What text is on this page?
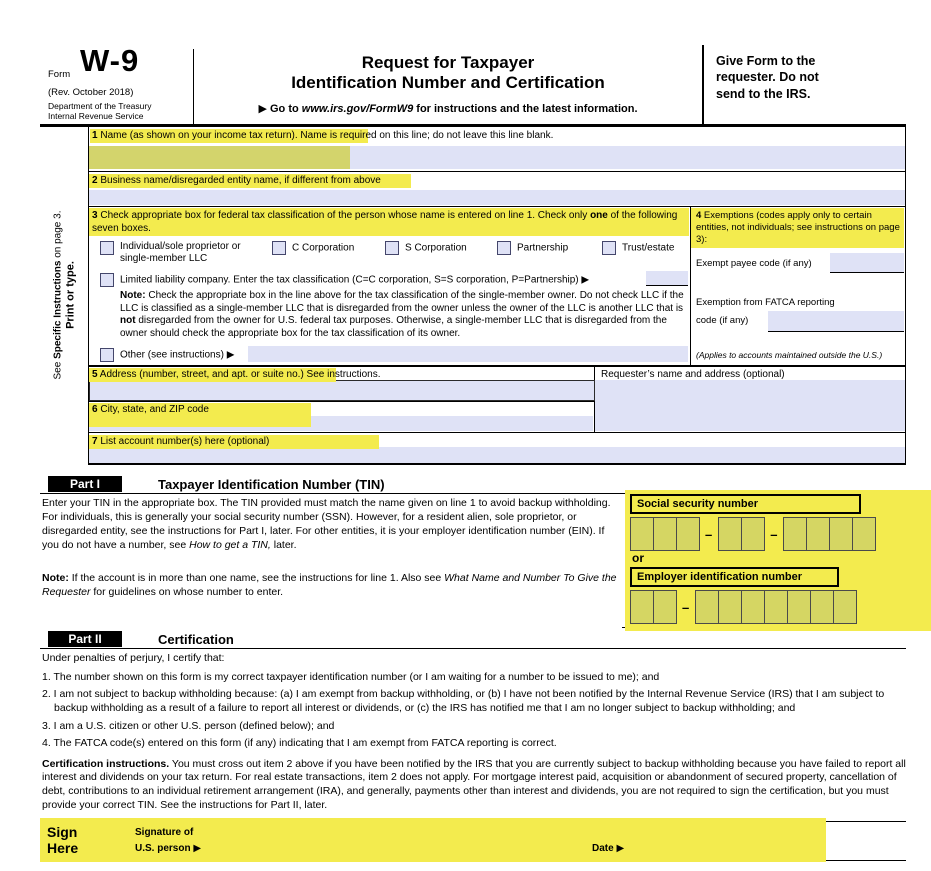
Form W-9
(Rev. October 2018)
Department of the Treasury
Internal Revenue Service
Request for Taxpayer
Identification Number and Certification
▶ Go to www.irs.gov/FormW9 for instructions and the latest information.
Give Form to the
requester. Do not
send to the IRS.
See Specific Instructions on page 3.
Print or type.
1 Name (as shown on your income tax return). Name is required on this line; do not leave this line blank.
2 Business name/disregarded entity name, if different from above
3 Check appropriate box for federal tax classification of the person whose name is entered on line 1. Check only one of the following seven boxes.
Individual/sole proprietor or single-member LLC
C Corporation	S Corporation	Partnership	Trust/estate
Limited liability company. Enter the tax classification (C=C corporation, S=S corporation, P=Partnership) ▶
Note: Check the appropriate box in the line above for the tax classification of the single-member owner. Do not check LLC if the LLC is classified as a single-member LLC that is disregarded from the owner unless the owner of the LLC is another LLC that is not disregarded from the owner for U.S. federal tax purposes. Otherwise, a single-member LLC that is disregarded from the owner should check the appropriate box for the tax classification of its owner.
Other (see instructions) ▶
4 Exemptions (codes apply only to certain entities, not individuals; see instructions on page 3):
Exempt payee code (if any)
Exemption from FATCA reporting
code (if any)
(Applies to accounts maintained outside the U.S.)
5 Address (number, street, and apt. or suite no.) See instructions.	Requester’s name and address (optional)
6 City, state, and ZIP code
7 List account number(s) here (optional)
Part I	Taxpayer Identification Number (TIN)
Enter your TIN in the appropriate box. The TIN provided must match the name given on line 1 to avoid backup withholding. For individuals, this is generally your social security number (SSN). However, for a resident alien, sole proprietor, or disregarded entity, see the instructions for Part I, later. For other entities, it is your employer identification number (EIN). If you do not have a number, see How to get a TIN, later.
Note: If the account is in more than one name, see the instructions for line 1. Also see What Name and Number To Give the Requester for guidelines on whose number to enter.
Social security number
–	–
or
Employer identification number
–
Part II	Certification
Under penalties of perjury, I certify that:
1. The number shown on this form is my correct taxpayer identification number (or I am waiting for a number to be issued to me); and
2. I am not subject to backup withholding because: (a) I am exempt from backup withholding, or (b) I have not been notified by the Internal Revenue Service (IRS) that I am subject to backup withholding as a result of a failure to report all interest or dividends, or (c) the IRS has notified me that I am no longer subject to backup withholding; and
3. I am a U.S. citizen or other U.S. person (defined below); and
4. The FATCA code(s) entered on this form (if any) indicating that I am exempt from FATCA reporting is correct.
Certification instructions. You must cross out item 2 above if you have been notified by the IRS that you are currently subject to backup withholding because you have failed to report all interest and dividends on your tax return. For real estate transactions, item 2 does not apply. For mortgage interest paid, acquisition or abandonment of secured property, cancellation of debt, contributions to an individual retirement arrangement (IRA), and generally, payments other than interest and dividends, you are not required to sign the certification, but you must provide your correct TIN. See the instructions for Part II, later.
Sign
Here
Signature of
U.S. person ▶	Date ▶
